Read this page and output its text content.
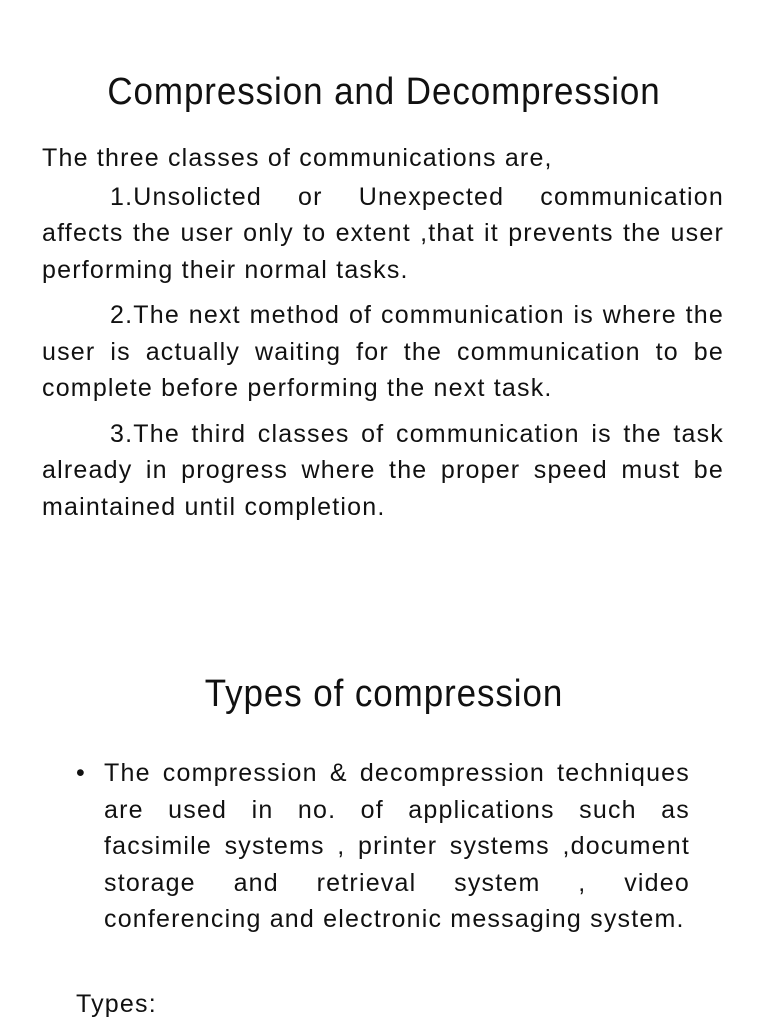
Compression and Decompression

The three classes of communications are,

1.Unsolicted or Unexpected communication affects the user only to extent ,that it prevents the user performing their normal tasks.

2.The next method of communication is where the user is actually waiting for the communication to be complete before performing the next task.

3.The third classes of communication is the task already in progress where the proper speed must be maintained until completion.

Types of compression
• The compression & decompression techniques are used in no. of applications such as facsimile systems , printer systems ,document storage and retrieval system , video conferencing and electronic messaging system.

Types:
